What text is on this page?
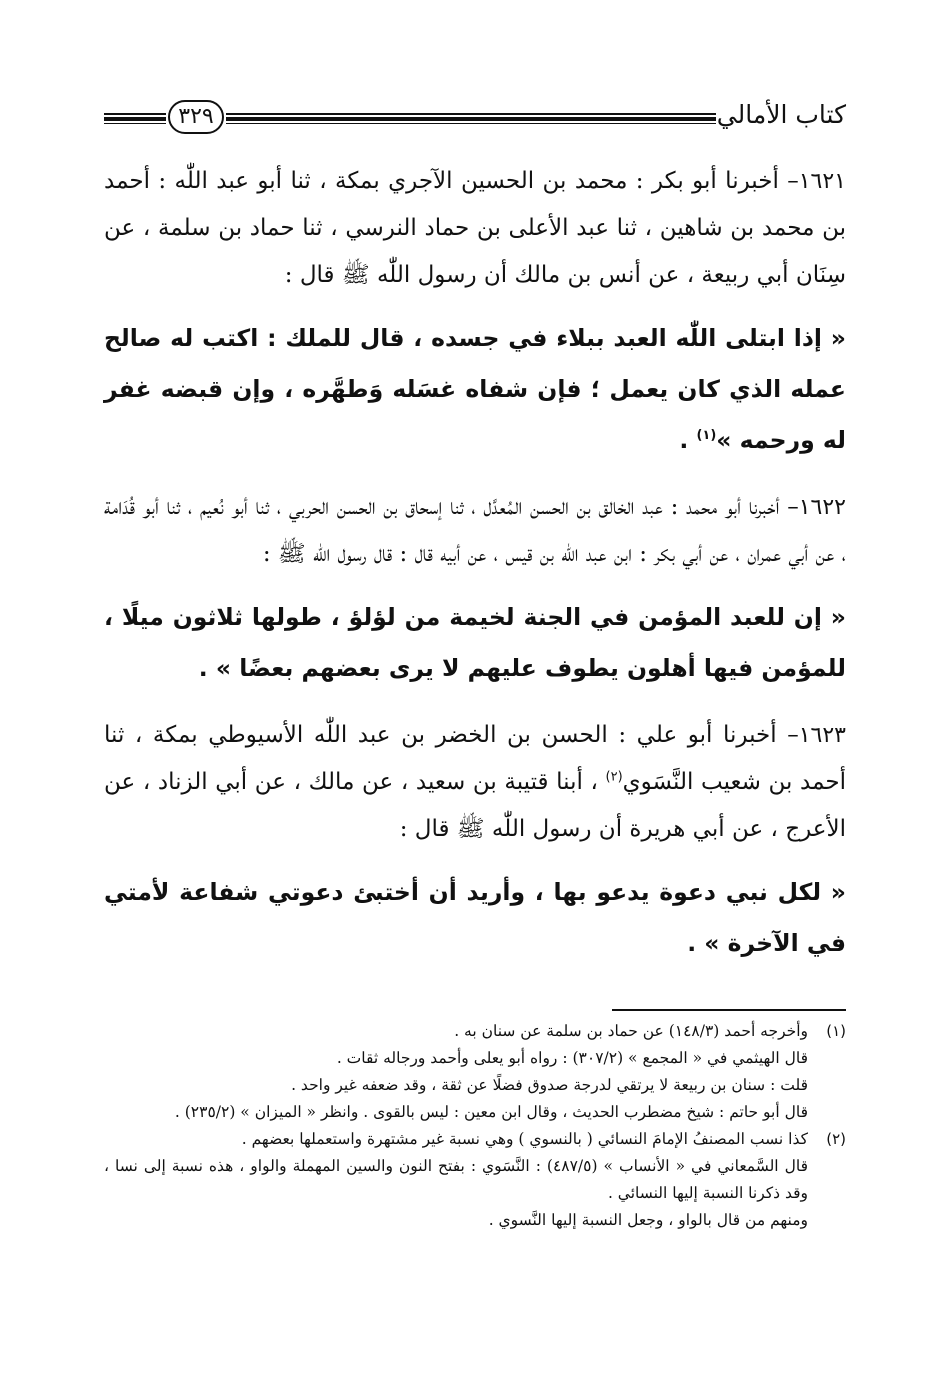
٣٢٩	كتاب الأمالي

١٦٢١– أخبرنا أبو بكر : محمد بن الحسين الآجري بمكة ، ثنا أبو عبد اللّٰه : أحمد بن محمد بن شاهين ، ثنا عبد الأعلى بن حماد النرسي ، ثنا حماد بن سلمة ، عن سِنَان أبي ربيعة ، عن أنس بن مالك أن رسول اللّٰه ﷺ قال :

« إذا ابتلى اللّٰه العبد ببلاء في جسده ، قال للملك : اكتب له صالح عمله الذي كان يعمل ؛ فإن شفاه غسَله وَطهَّره ، وإن قبضه غفر له ورحمه »$^{(١)}$ .

١٦٢٢– أخبرنا أبو محمد : عبد الخالق بن الحسن المُعدَّل ، ثنا إسحاق بن الحسن الحربي ، ثنا أبو نُعيم ، ثنا أبو قُدَامة ، عن أبي عمران ، عن أبي بكر : ابن عبد اللّٰه بن قيس ، عن أبيه قال : قال رسول اللّٰه ﷺ :

« إن للعبد المؤمن في الجنة لخيمة من لؤلؤ ، طولها ثلاثون ميلًا ، للمؤمن فيها أهلون يطوف عليهم لا يرى بعضهم بعضًا » .

١٦٢٣– أخبرنا أبو علي : الحسن بن الخضر بن عبد اللّٰه الأسيوطي بمكة ، ثنا أحمد بن شعيب النَّسَوي$^{(٢)}$ ، أبنا قتيبة بن سعيد ، عن مالك ، عن أبي الزناد ، عن الأعرج ، عن أبي هريرة أن رسول اللّٰه ﷺ قال :

« لكل نبي دعوة يدعو بها ، وأريد أن أختبئ دعوتي شفاعة لأمتي في الآخرة » .

(١)
وأخرجه أحمد (١٤٨/٣) عن حماد بن سلمة عن سنان به .
قال الهيثمي في « المجمع » (٣٠٧/٢) : رواه أبو يعلى وأحمد ورجاله ثقات .
قلت : سنان بن ربيعة لا يرتقي لدرجة صدوق فضلًا عن ثقة ، وقد ضعفه غير واحد .
قال أبو حاتم : شيخ مضطرب الحديث ، وقال ابن معين : ليس بالقوى . وانظر « الميزان » (٢٣٥/٢) .
(٢)
كذا نسب المصنفُ الإمامَ النسائي ( بالنسوي ) وهي نسبة غير مشتهرة واستعملها بعضهم .
قال السَّمعاني في « الأنساب » (٤٨٧/٥) : النَّسَوي : بفتح النون والسين المهملة والواو ، هذه نسبة إلى نسا ، وقد ذكرنا النسبة إليها النسائي .
ومنهم من قال بالواو ، وجعل النسبة إليها النَّسوي .
